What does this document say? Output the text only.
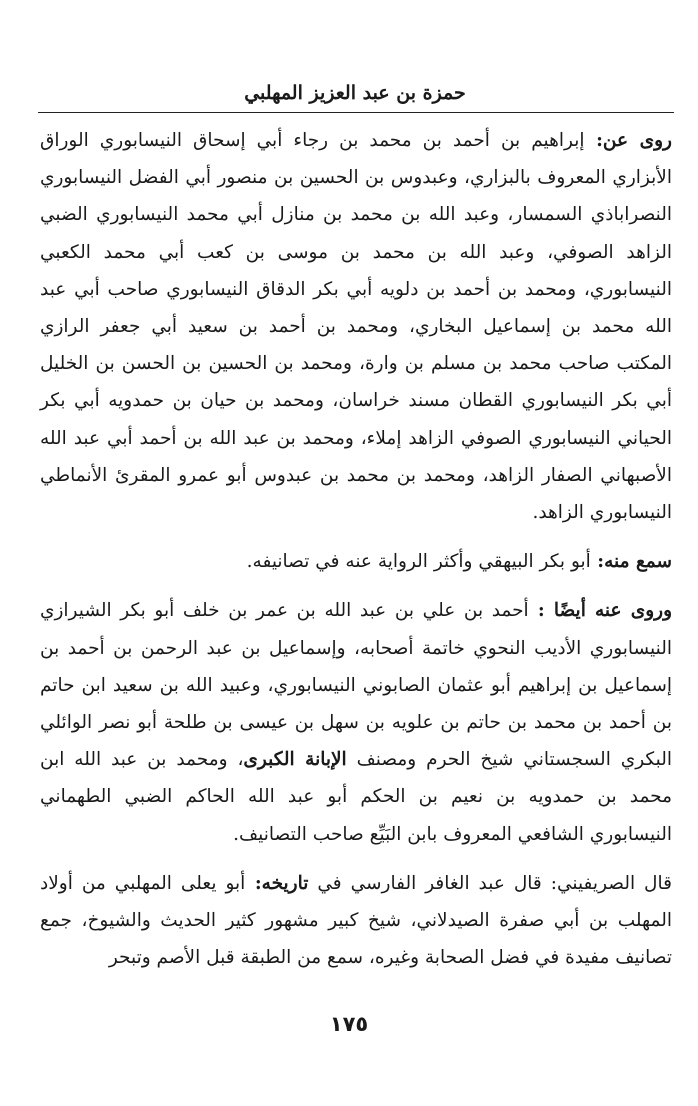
حمزة بن عبد العزيز المهلبي

روى عن: إبراهيم بن أحمد بن محمد بن رجاء أبي إسحاق النيسابوري الوراق الأبزاري المعروف بالبزاري، وعبدوس بن الحسين بن منصور أبي الفضل النيسابوري النصراباذي السمسار، وعبد الله بن محمد بن منازل أبي محمد النيسابوري الضبي الزاهد الصوفي، وعبد الله بن محمد بن موسى بن كعب أبي محمد الكعبي النيسابوري، ومحمد بن أحمد بن دلويه أبي بكر الدقاق النيسابوري صاحب أبي عبد الله محمد بن إسماعيل البخاري، ومحمد بن أحمد بن سعيد أبي جعفر الرازي المكتب صاحب محمد بن مسلم بن وارة، ومحمد بن الحسين بن الحسن بن الخليل أبي بكر النيسابوري القطان مسند خراسان، ومحمد بن حيان بن حمدويه أبي بكر الحياني النيسابوري الصوفي الزاهد إملاء، ومحمد بن عبد الله بن أحمد أبي عبد الله الأصبهاني الصفار الزاهد، ومحمد بن محمد بن عبدوس أبو عمرو المقرئ الأنماطي النيسابوري الزاهد.

سمع منه: أبو بكر البيهقي وأكثر الرواية عنه في تصانيفه.

وروى عنه أيضًا : أحمد بن علي بن عبد الله بن عمر بن خلف أبو بكر الشيرازي النيسابوري الأديب النحوي خاتمة أصحابه، وإسماعيل بن عبد الرحمن بن أحمد بن إسماعيل بن إبراهيم أبو عثمان الصابوني النيسابوري، وعبيد الله بن سعيد ابن حاتم بن أحمد بن محمد بن حاتم بن علويه بن سهل بن عيسى بن طلحة أبو نصر الوائلي البكري السجستاني شيخ الحرم ومصنف الإبانة الكبرى، ومحمد بن عبد الله ابن محمد بن حمدويه بن نعيم بن الحكم أبو عبد الله الحاكم الضبي الطهماني النيسابوري الشافعي المعروف بابن البَيِّع صاحب التصانيف.

قال الصريفيني: قال عبد الغافر الفارسي في تاريخه: أبو يعلى المهلبي من أولاد المهلب بن أبي صفرة الصيدلاني، شيخ كبير مشهور كثير الحديث والشيوخ، جمع تصانيف مفيدة في فضل الصحابة وغيره، سمع من الطبقة قبل الأصم وتبحر

١٧٥
